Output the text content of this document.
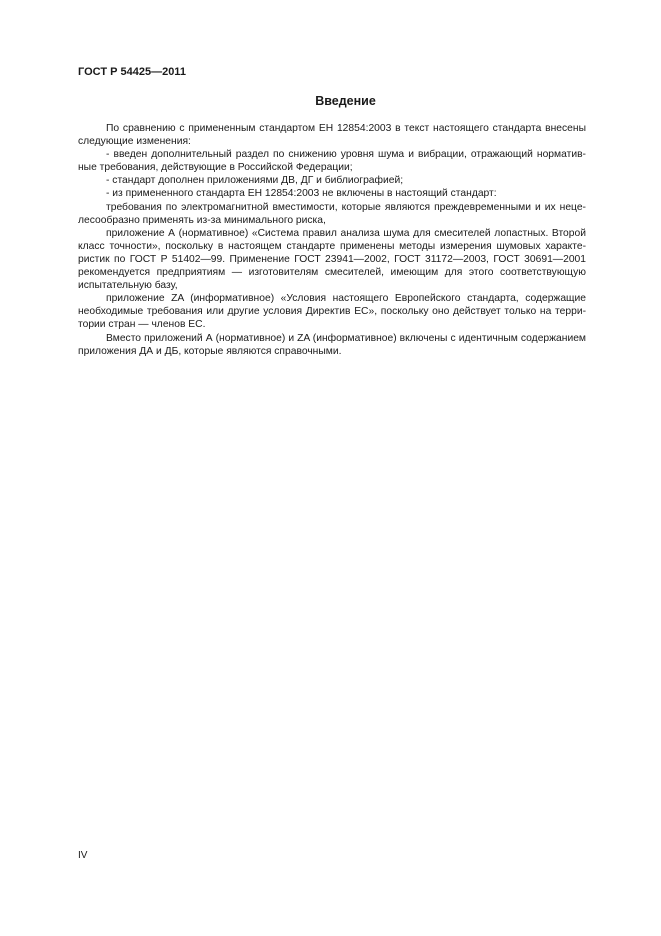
ГОСТ Р 54425—2011
Введение
По сравнению с примененным стандартом ЕН 12854:2003 в текст настоящего стандарта внесены
следующие изменения:
- введен дополнительный раздел по снижению уровня шума и вибрации, отражающий норматив-
ные требования, действующие в Российской Федерации;
- стандарт дополнен приложениями ДВ, ДГ и библиографией;
- из примененного стандарта ЕН 12854:2003 не включены в настоящий стандарт:
требования по электромагнитной вместимости, которые являются преждевременными и их неце-
лесообразно применять из-за минимального риска,
приложение А (нормативное) «Система правил анализа шума для смесителей лопастных. Второй
класс точности», поскольку в настоящем стандарте применены методы измерения шумовых характе-
ристик по ГОСТ Р 51402—99. Применение ГОСТ 23941—2002, ГОСТ 31172—2003, ГОСТ 30691—2001
рекомендуется предприятиям — изготовителям смесителей, имеющим для этого соответствующую
испытательную базу,
приложение ZA (информативное) «Условия настоящего Европейского стандарта, содержащие
необходимые требования или другие условия Директив ЕС», поскольку оно действует только на терри-
тории стран — членов ЕС.
Вместо приложений А (нормативное) и ZA (информативное) включены с идентичным содержанием
приложения ДА и ДБ, которые являются справочными.
IV
